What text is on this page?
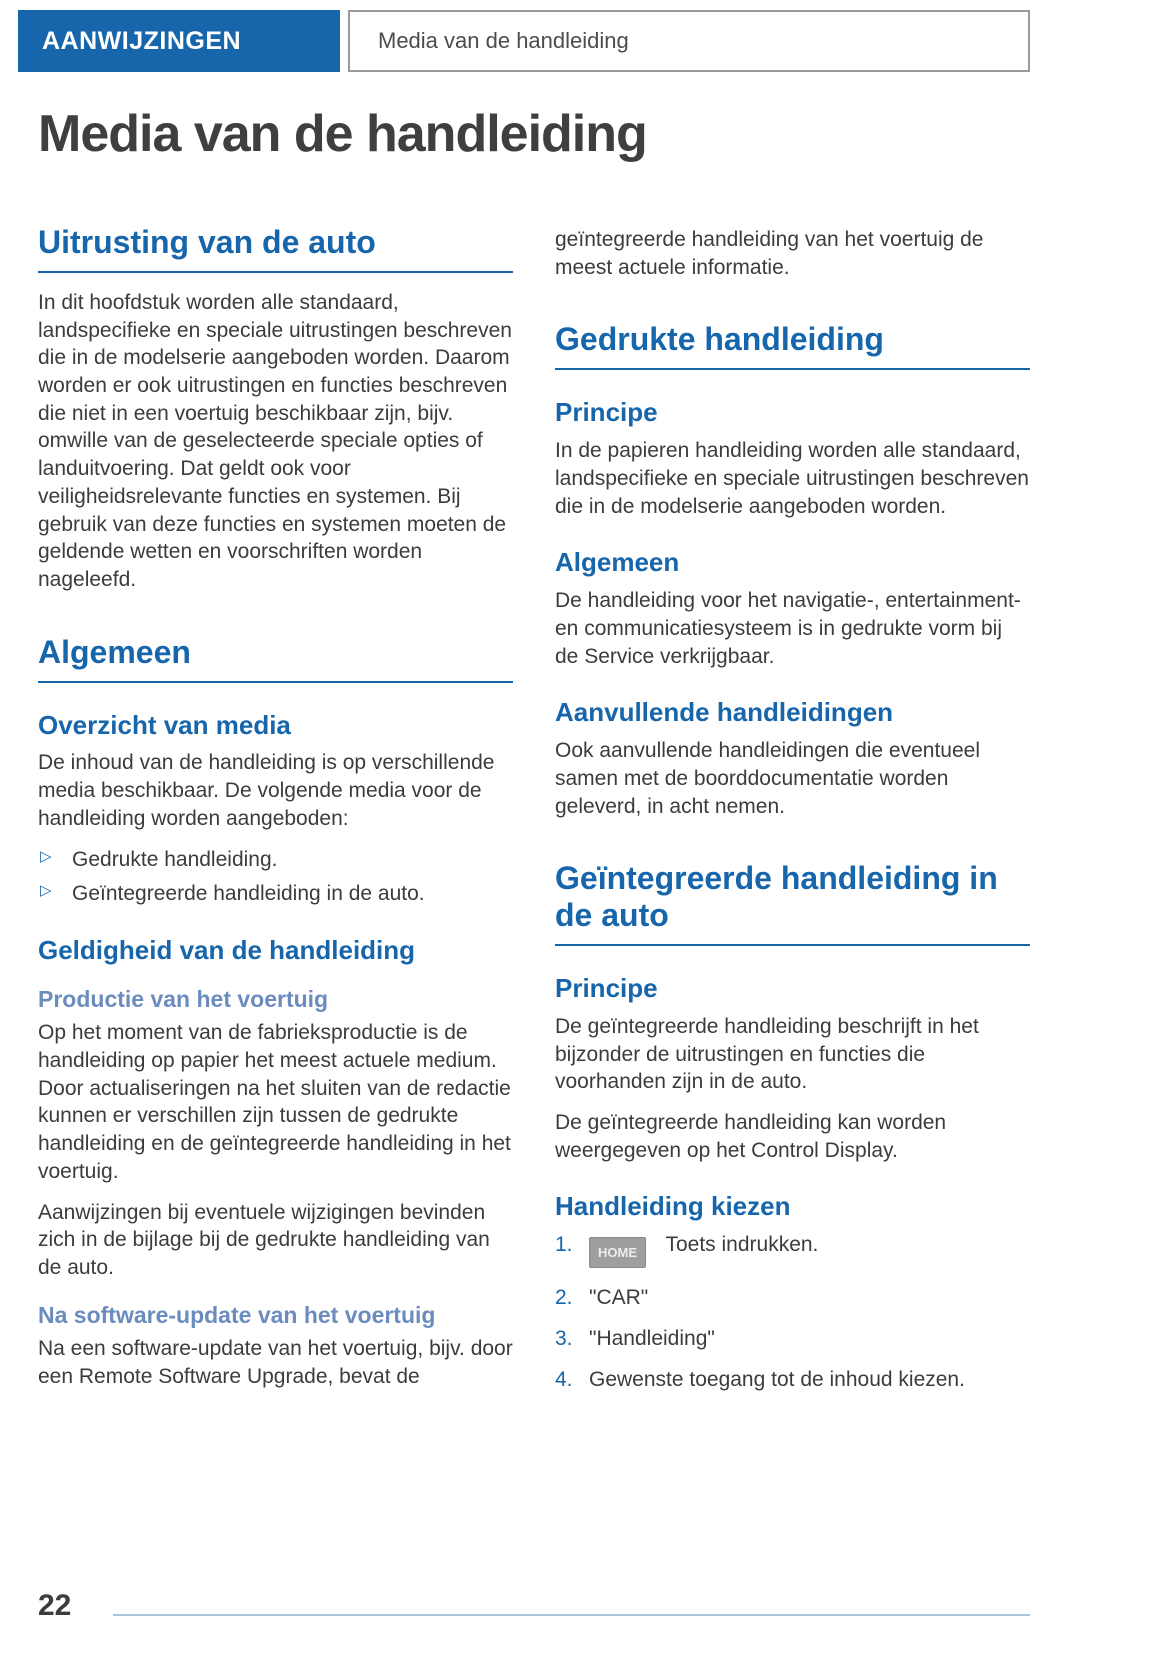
AANWIJZINGEN	Media van de handleiding
Media van de handleiding
Uitrusting van de auto

In dit hoofdstuk worden alle standaard, landspecifieke en speciale uitrustingen beschreven die in de modelserie aangeboden worden. Daarom worden er ook uitrustingen en functies beschreven die niet in een voertuig beschikbaar zijn, bijv. omwille van de geselecteerde speciale opties of landuitvoering. Dat geldt ook voor veiligheidsrelevante functies en systemen. Bij gebruik van deze functies en systemen moeten de geldende wetten en voorschriften worden nageleefd.

Algemeen
Overzicht van media

De inhoud van de handleiding is op verschillende media beschikbaar. De volgende media voor de handleiding worden aangeboden:

▷ Gedrukte handleiding.
▷ Geïntegreerde handleiding in de auto.
Geldigheid van de handleiding
Productie van het voertuig

Op het moment van de fabrieksproductie is de handleiding op papier het meest actuele medium. Door actualiseringen na het sluiten van de redactie kunnen er verschillen zijn tussen de gedrukte handleiding en de geïntegreerde handleiding in het voertuig.

Aanwijzingen bij eventuele wijzigingen bevinden zich in de bijlage bij de gedrukte handleiding van de auto.

Na software-update van het voertuig

Na een software-update van het voertuig, bijv. door een Remote Software Upgrade, bevat de

geïntegreerde handleiding van het voertuig de meest actuele informatie.

Gedrukte handleiding
Principe

In de papieren handleiding worden alle standaard, landspecifieke en speciale uitrustingen beschreven die in de modelserie aangeboden worden.

Algemeen

De handleiding voor het navigatie-, entertainment- en communicatiesysteem is in gedrukte vorm bij de Service verkrijgbaar.

Aanvullende handleidingen

Ook aanvullende handleidingen die eventueel samen met de boorddocumentatie worden geleverd, in acht nemen.

Geïntegreerde handleiding in de auto
Principe

De geïntegreerde handleiding beschrijft in het bijzonder de uitrustingen en functies die voorhanden zijn in de auto.

De geïntegreerde handleiding kan worden weergegeven op het Control Display.

Handleiding kiezen
1.	HOME Toets indrukken.
2. "CAR"
3. "Handleiding"
4. Gewenste toegang tot de inhoud kiezen.
22
